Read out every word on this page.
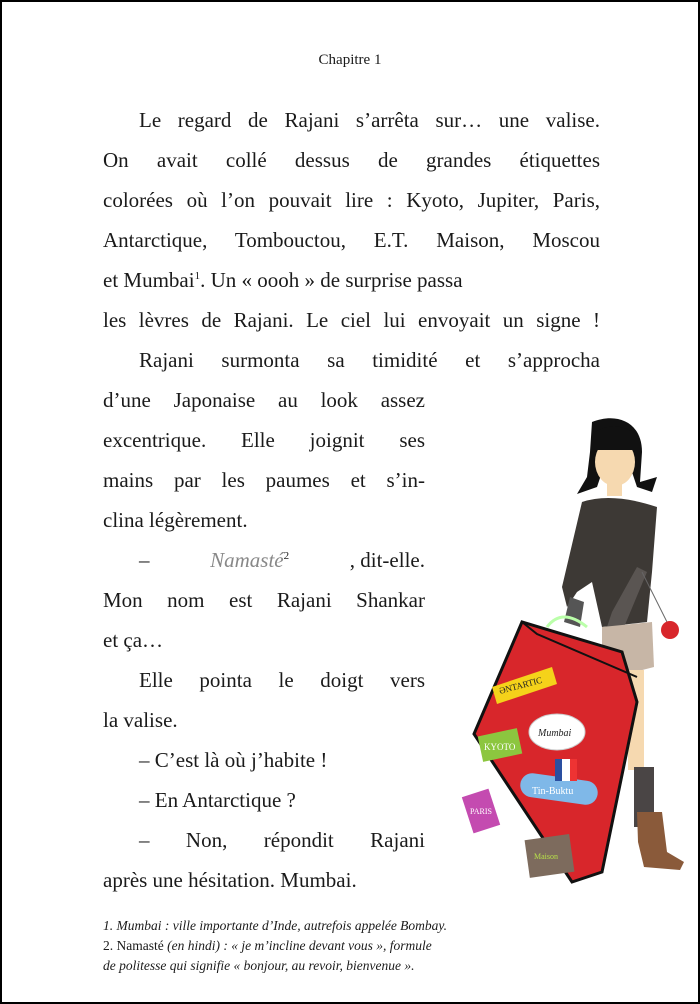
Chapitre 1
Le regard de Rajani s’arrêta sur… une valise.
On avait collé dessus de grandes étiquettes
colorées où l’on pouvait lire : Kyoto, Jupiter, Paris,
Antarctique, Tombouctou, E.T. Maison, Moscou
et Mumbai$^1$. Un « oooh » de surprise passa
les lèvres de Rajani. Le ciel lui envoyait un signe !
Rajani surmonta sa timidité et s’approcha
d’une Japonaise au look assez
excentrique. Elle joignit ses
mains par les paumes et s’in-
clina légèrement.
–	Namasté$^2$	, dit-elle.
Mon nom est Rajani Shankar
et ça…
Elle pointa le doigt vers
la valise.
– C’est là où j’habite !
– En Antarctique ?
– Non, répondit Rajani
après une hésitation. Mumbai.
1. Mumbai : ville importante d’Inde, autrefois appelée Bombay.
2. Namasté (en hindi) : « je m’incline devant vous », formule
de politesse qui signifie « bonjour, au revoir, bienvenue ».
ƏNTARTIC
Mumbai
KYOTO
Tin-Buktu
PARIS
Maison
